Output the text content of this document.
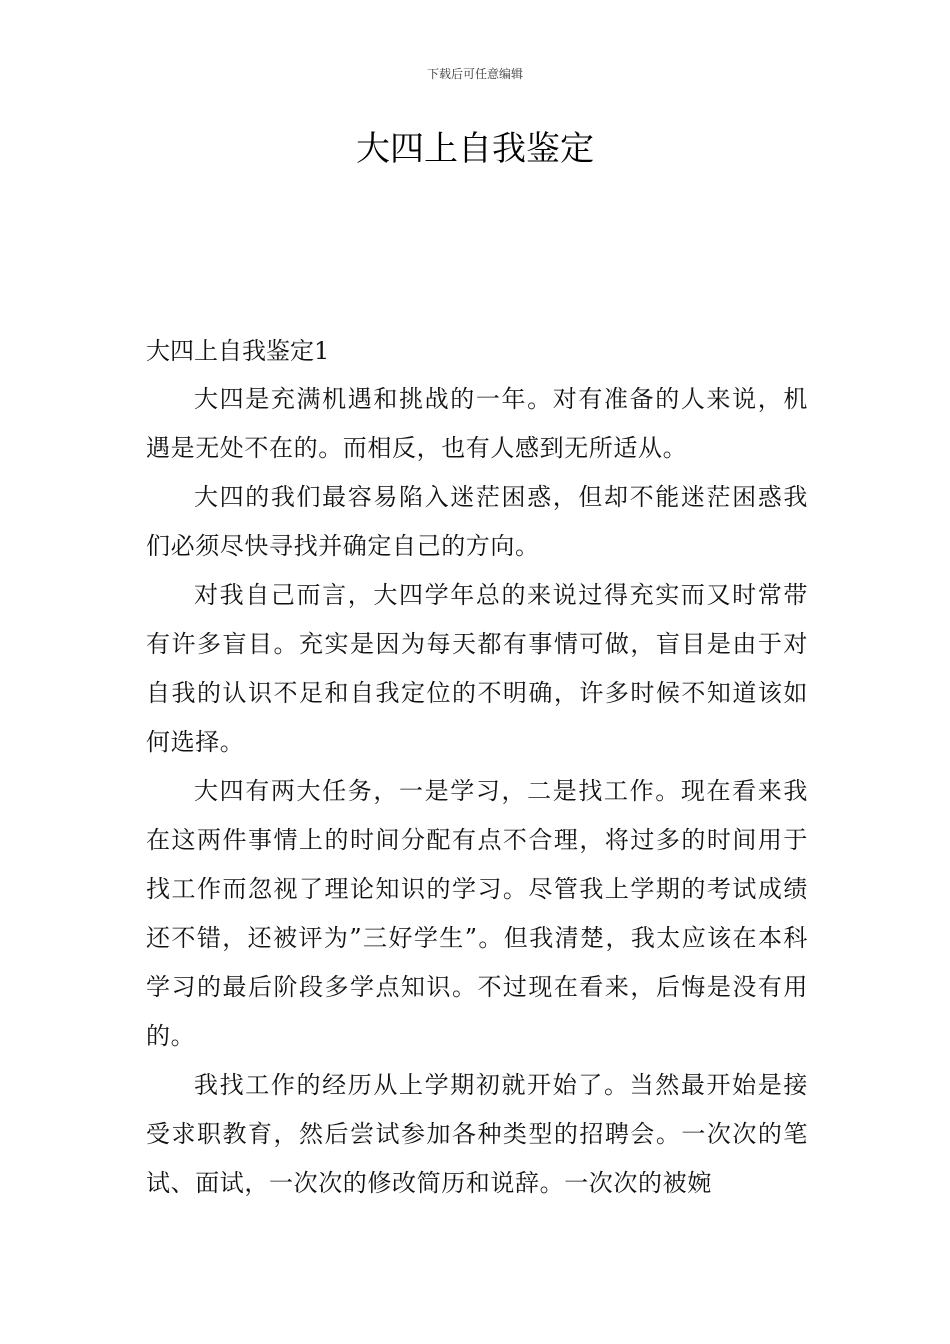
下载后可任意编辑
大四上自我鉴定
大四上自我鉴定1

大四是充满机遇和挑战的一年。对有准备的人来说，机遇是无处不在的。而相反，也有人感到无所适从。

大四的我们最容易陷入迷茫困惑，但却不能迷茫困惑我们必须尽快寻找并确定自己的方向。

对我自己而言，大四学年总的来说过得充实而又时常带有许多盲目。充实是因为每天都有事情可做，盲目是由于对自我的认识不足和自我定位的不明确，许多时候不知道该如何选择。

大四有两大任务，一是学习，二是找工作。现在看来我在这两件事情上的时间分配有点不合理，将过多的时间用于找工作而忽视了理论知识的学习。尽管我上学期的考试成绩还不错，还被评为”三好学生”。但我清楚，我太应该在本科学习的最后阶段多学点知识。不过现在看来，后悔是没有用的。

我找工作的经历从上学期初就开始了。当然最开始是接受求职教育，然后尝试参加各种类型的招聘会。一次次的笔试、面试，一次次的修改简历和说辞。一次次的被婉
